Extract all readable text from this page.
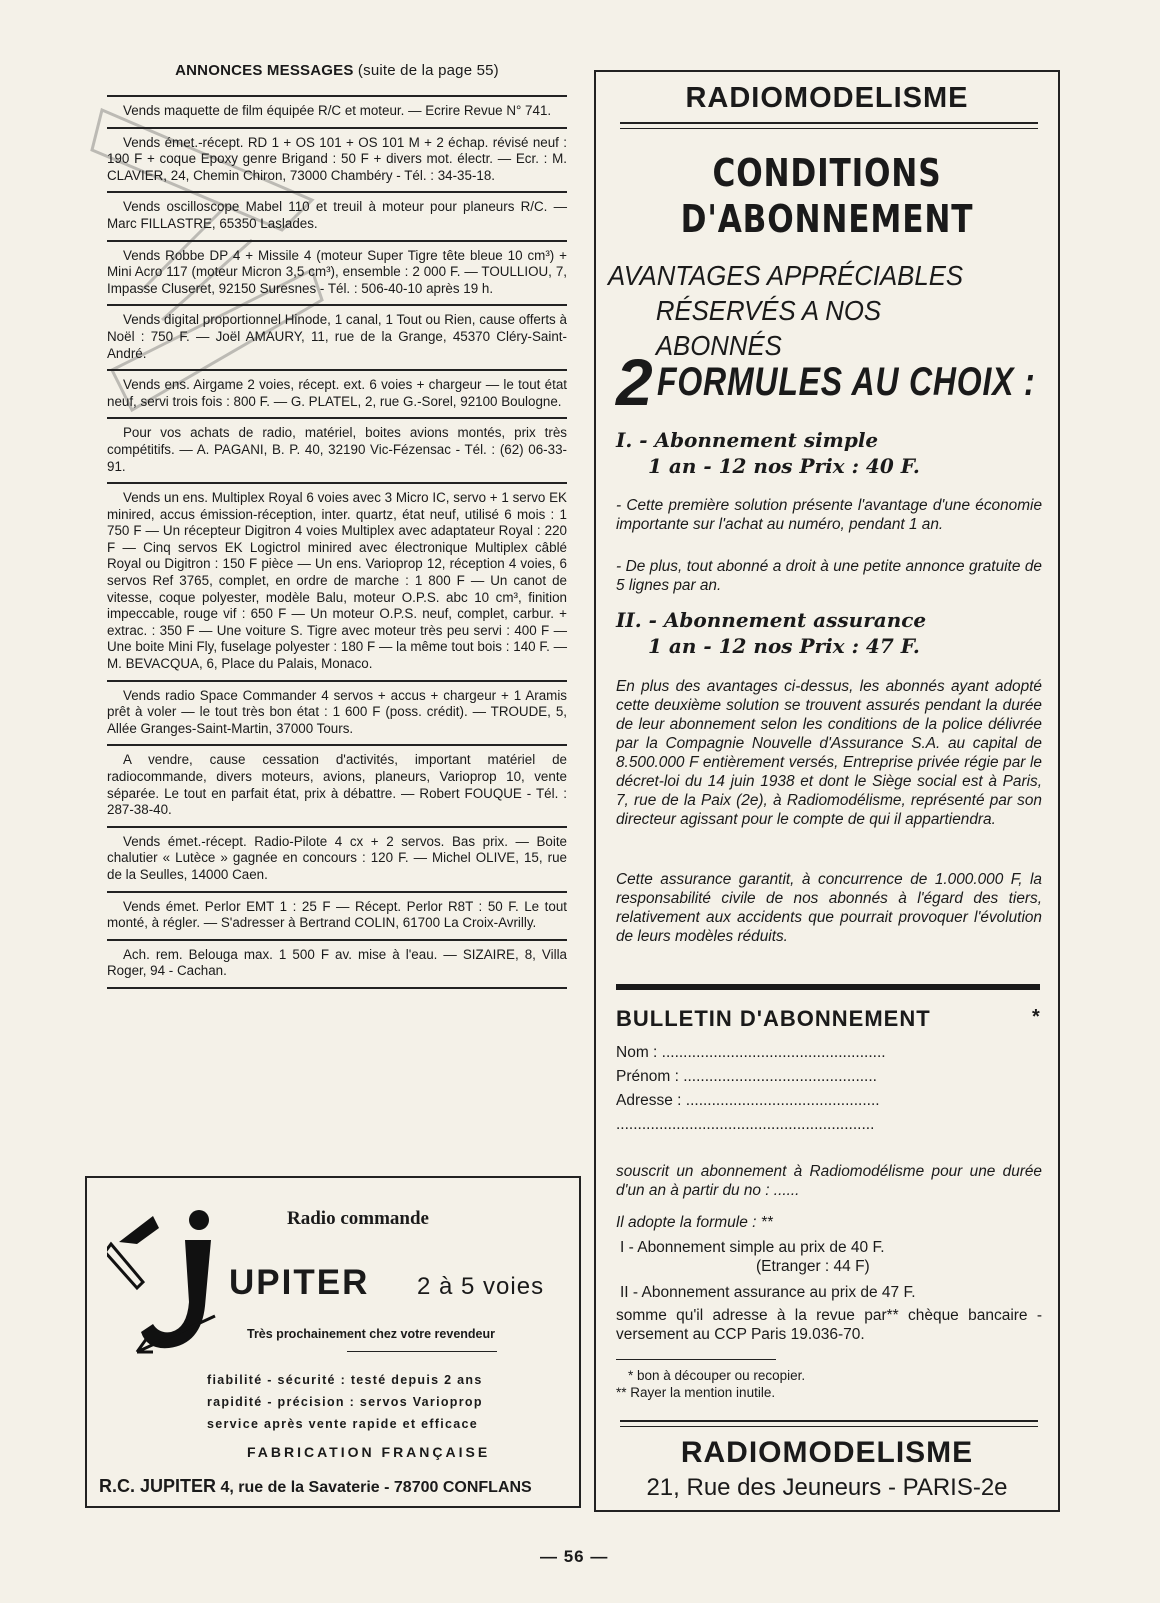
ANNONCES MESSAGES (suite de la page 55)
Vends maquette de film équipée R/C et moteur. — Ecrire Revue N° 741.
Vends émet.-récept. RD 1 + OS 101 + OS 101 M + 2 échap. révisé neuf : 190 F + coque Epoxy genre Brigand : 50 F + divers mot. électr. — Ecr. : M. CLAVIER, 24, Chemin Chiron, 73000 Chambéry - Tél. : 34-35-18.
Vends oscilloscope Mabel 110 et treuil à moteur pour planeurs R/C. — Marc FILLASTRE, 65350 Laslades.
Vends Robbe DP 4 + Missile 4 (moteur Super Tigre tête bleue 10 cm³) + Mini Acro 117 (moteur Micron 3,5 cm³), ensemble : 2 000 F. — TOULLIOU, 7, Impasse Cluseret, 92150 Suresnes - Tél. : 506-40-10 après 19 h.
Vends digital proportionnel Hinode, 1 canal, 1 Tout ou Rien, cause offerts à Noël : 750 F. — Joël AMAURY, 11, rue de la Grange, 45370 Cléry-Saint-André.
Vends ens. Airgame 2 voies, récept. ext. 6 voies + chargeur — le tout état neuf, servi trois fois : 800 F. — G. PLATEL, 2, rue G.-Sorel, 92100 Boulogne.
Pour vos achats de radio, matériel, boites avions montés, prix très compétitifs. — A. PAGANI, B. P. 40, 32190 Vic-Fézensac - Tél. : (62) 06-33-91.
Vends un ens. Multiplex Royal 6 voies avec 3 Micro IC, servo + 1 servo EK minired, accus émission-réception, inter. quartz, état neuf, utilisé 6 mois : 1 750 F — Un récepteur Digitron 4 voies Multiplex avec adaptateur Royal : 220 F — Cinq servos EK Logictrol minired avec électronique Multiplex câblé Royal ou Digitron : 150 F pièce — Un ens. Varioprop 12, réception 4 voies, 6 servos Ref 3765, complet, en ordre de marche : 1 800 F — Un canot de vitesse, coque polyester, modèle Balu, moteur O.P.S. abc 10 cm³, finition impeccable, rouge vif : 650 F — Un moteur O.P.S. neuf, complet, carbur. + extrac. : 350 F — Une voiture S. Tigre avec moteur très peu servi : 400 F — Une boite Mini Fly, fuselage polyester : 180 F — la même tout bois : 140 F. — M. BEVACQUA, 6, Place du Palais, Monaco.
Vends radio Space Commander 4 servos + accus + chargeur + 1 Aramis prêt à voler — le tout très bon état : 1 600 F (poss. crédit). — TROUDE, 5, Allée Granges-Saint-Martin, 37000 Tours.
A vendre, cause cessation d'activités, important matériel de radiocommande, divers moteurs, avions, planeurs, Varioprop 10, vente séparée. Le tout en parfait état, prix à débattre. — Robert FOUQUE - Tél. : 287-38-40.
Vends émet.-récept. Radio-Pilote 4 cx + 2 servos. Bas prix. — Boite chalutier « Lutèce » gagnée en concours : 120 F. — Michel OLIVE, 15, rue de la Seulles, 14000 Caen.
Vends émet. Perlor EMT 1 : 25 F — Récept. Perlor R8T : 50 F. Le tout monté, à régler. — S'adresser à Bertrand COLIN, 61700 La Croix-Avrilly.
Ach. rem. Belouga max. 1 500 F av. mise à l'eau. — SIZAIRE, 8, Villa Roger, 94 - Cachan.
Radio commande
UPITER 2 à 5 voies
Très prochainement chez votre revendeur
fiabilité - sécurité : testé depuis 2 ans
rapidité - précision : servos Varioprop
service après vente rapide et efficace
FABRICATION FRANÇAISE
R.C. JUPITER 4, rue de la Savaterie - 78700 CONFLANS
RADIOMODELISME
CONDITIONS
D'ABONNEMENT
AVANTAGES APPRÉCIABLES
RÉSERVÉS A NOS ABONNÉS
2 FORMULES AU CHOIX :
I. - Abonnement simple
1 an - 12 nos Prix : 40 F.
- Cette première solution présente l'avantage d'une économie importante sur l'achat au numéro, pendant 1 an.
- De plus, tout abonné a droit à une petite annonce gratuite de 5 lignes par an.
II. - Abonnement assurance
1 an - 12 nos Prix : 47 F.
En plus des avantages ci-dessus, les abonnés ayant adopté cette deuxième solution se trouvent assurés pendant la durée de leur abonnement selon les conditions de la police délivrée par la Compagnie Nouvelle d'Assurance S.A. au capital de 8.500.000 F entièrement versés, Entreprise privée régie par le décret-loi du 14 juin 1938 et dont le Siège social est à Paris, 7, rue de la Paix (2e), à Radiomodélisme, représenté par son directeur agissant pour le compte de qui il appartiendra.
Cette assurance garantit, à concurrence de 1.000.000 F, la responsabilité civile de nos abonnés à l'égard des tiers, relativement aux accidents que pourrait provoquer l'évolution de leurs modèles réduits.
BULLETIN D'ABONNEMENT	*
Nom : ....................................................
Prénom : .............................................
Adresse : .............................................
............................................................
souscrit un abonnement à Radiomodélisme pour une durée d'un an à partir du no : ......
Il adopte la formule : **
I - Abonnement simple au prix de 40 F.
(Etranger : 44 F)
II - Abonnement assurance au prix de 47 F.
somme qu'il adresse à la revue par** chèque bancaire - versement au CCP Paris 19.036-70.
* bon à découper ou recopier.
** Rayer la mention inutile.
RADIOMODELISME
21, Rue des Jeuneurs - PARIS-2e
— 56 —
